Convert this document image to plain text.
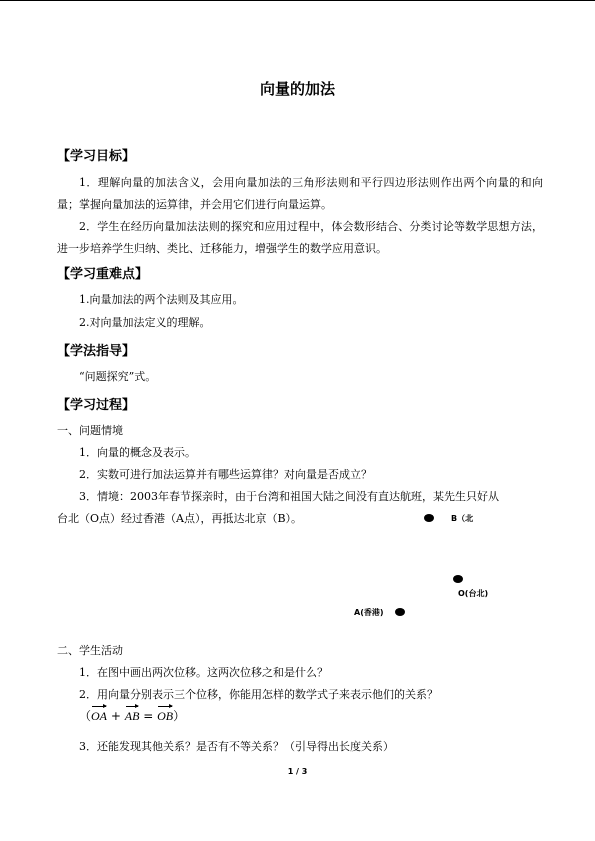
向量的加法
【学习目标】
1．理解向量的加法含义，会用向量加法的三角形法则和平行四边形法则作出两个向量的和向量；掌握向量加法的运算律，并会用它们进行向量运算。
2．学生在经历向量加法法则的探究和应用过程中，体会数形结合、分类讨论等数学思想方法，进一步培养学生归纳、类比、迁移能力，增强学生的数学应用意识。
【学习重难点】
1.向量加法的两个法则及其应用。
2.对向量加法定义的理解。
【学法指导】
“问题探究”式。
【学习过程】
一、问题情境
1．向量的概念及表示。
2．实数可进行加法运算并有哪些运算律？对向量是否成立？
3．情境：2003年春节探亲时，由于台湾和祖国大陆之间没有直达航班，某先生只好从
台北（O点）经过香港（A点），再抵达北京（B）。	B（北
O(台北)
A(香港)
二、学生活动
1．在图中画出两次位移。这两次位移之和是什么？
2．用向量分别表示三个位移，你能用怎样的数学式子来表示他们的关系？
（OA + AB = OB）
3．还能发现其他关系？是否有不等关系？（引导得出长度关系）
1 / 3
